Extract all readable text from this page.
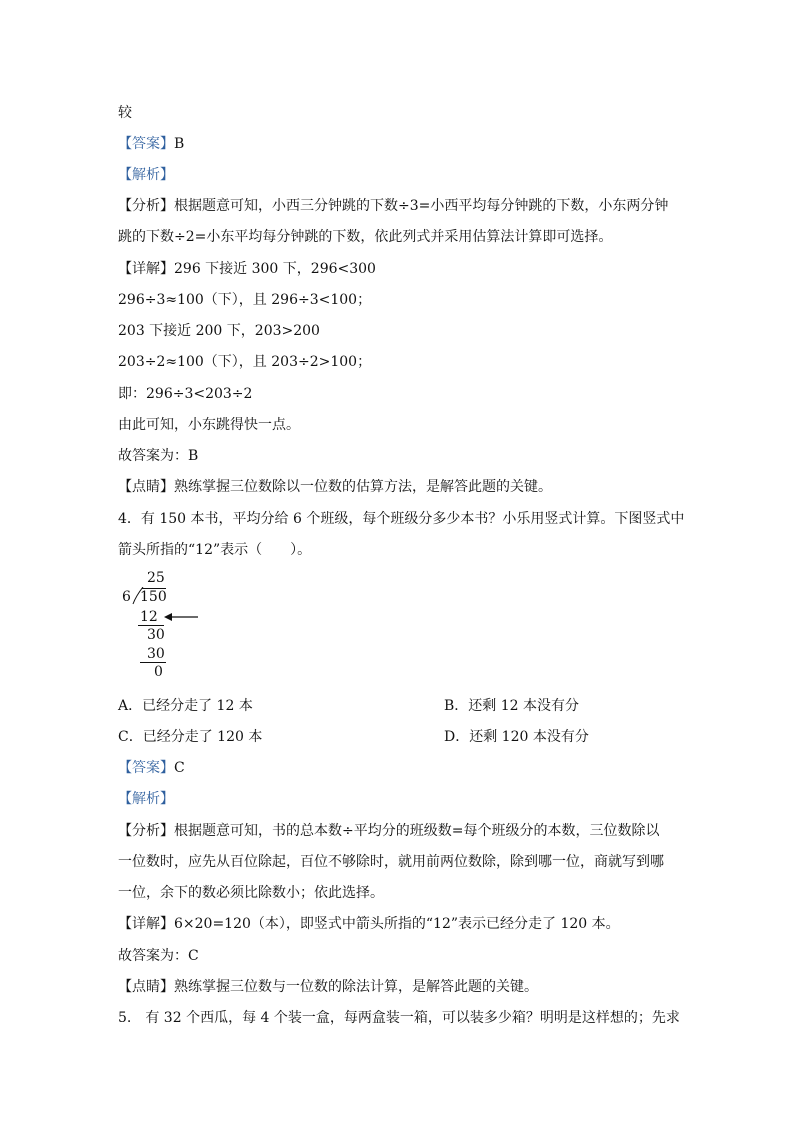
较
【答案】B
【解析】
【分析】根据题意可知，小西三分钟跳的下数÷3=小西平均每分钟跳的下数，小东两分钟
跳的下数÷2=小东平均每分钟跳的下数，依此列式并采用估算法计算即可选择。
【详解】296 下接近 300 下，296<300
296÷3≈100（下），且 296÷3<100；
203 下接近 200 下，203>200
203÷2≈100（下），且 203÷2>100；
即：296÷3<203÷2
由此可知，小东跳得快一点。
故答案为：B
【点睛】熟练掌握三位数除以一位数的估算方法，是解答此题的关键。
4．有 150 本书，平均分给 6 个班级，每个班级分多少本书？小乐用竖式计算。下图竖式中
箭头所指的“12”表示（　　）。
25
6 150
12
30
30
0
A．已经分走了 12 本	B．还剩 12 本没有分
C．已经分走了 120 本	D．还剩 120 本没有分
【答案】C
【解析】
【分析】根据题意可知，书的总本数÷平均分的班级数=每个班级分的本数，三位数除以
一位数时，应先从百位除起，百位不够除时，就用前两位数除，除到哪一位，商就写到哪
一位，余下的数必须比除数小；依此选择。
【详解】6×20=120（本），即竖式中箭头所指的“12”表示已经分走了 120 本。
故答案为：C
【点睛】熟练掌握三位数与一位数的除法计算，是解答此题的关键。
5.　有 32 个西瓜，每 4 个装一盒，每两盒装一箱，可以装多少箱？明明是这样想的；先求
